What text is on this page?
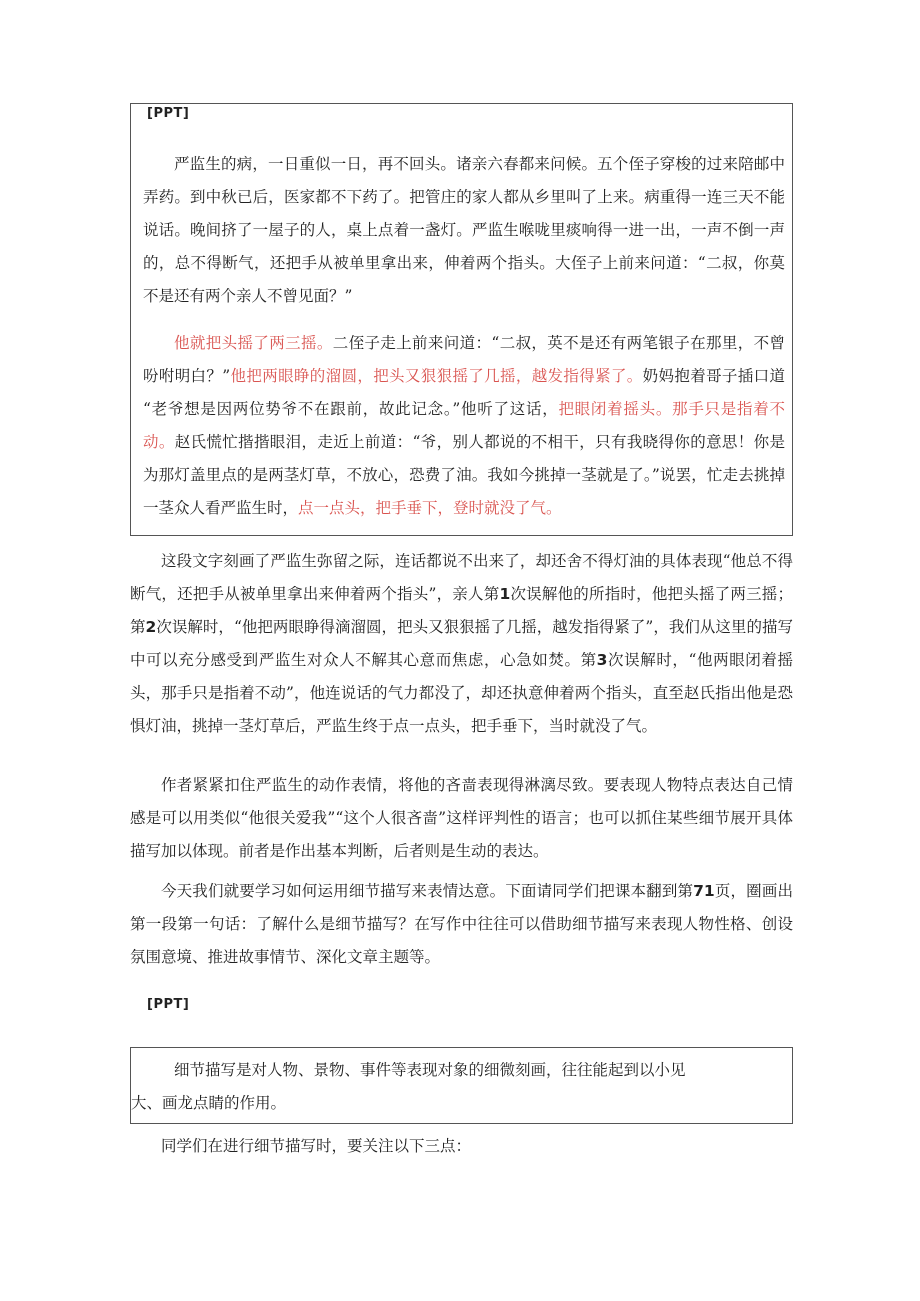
[PPT]

严监生的病，一日重似一日，再不回头。诸亲六春都来问候。五个侄子穿梭的过来陪邮中弄药。到中秋已后，医家都不下药了。把管庄的家人都从乡里叫了上来。病重得一连三天不能说话。晚间挤了一屋子的人，桌上点着一盏灯。严监生喉咙里痰响得一进一出，一声不倒一声的，总不得断气，还把手从被单里拿出来，伸着两个指头。大侄子上前来问道：“二叔，你莫不是还有两个亲人不曾见面？”

他就把头摇了两三摇。二侄子走上前来问道：“二叔，英不是还有两笔银子在那里，不曾吩咐明白？”他把两眼睁的溜圆，把头又狠狠摇了几摇，越发指得紧了。奶妈抱着哥子插口道 “老爷想是因两位势爷不在跟前，故此记念。”他听了这话，把眼闭着摇头。那手只是指着不动。赵氏慌忙揩揩眼泪，走近上前道：“爷，别人都说的不相干，只有我晓得你的意思！你是为那灯盖里点的是两茎灯草，不放心，恐费了油。我如今挑掉一茎就是了。”说罢，忙走去挑掉一茎众人看严监生时，点一点头，把手垂下，登时就没了气。

这段文字刻画了严监生弥留之际，连话都说不出来了，却还舍不得灯油的具体表现“他总不得断气，还把手从被单里拿出来伸着两个指头”，亲人第1次误解他的所指时，他把头摇了两三摇；第2次误解时，“他把两眼睁得滴溜圆，把头又狠狠摇了几摇，越发指得紧了”，我们从这里的描写中可以充分感受到严监生对众人不解其心意而焦虑，心急如焚。第3次误解时，“他两眼闭着摇头，那手只是指着不动”，他连说话的气力都没了，却还执意伸着两个指头，直至赵氏指出他是恐惧灯油，挑掉一茎灯草后，严监生终于点一点头，把手垂下，当时就没了气。

作者紧紧扣住严监生的动作表情，将他的吝啬表现得淋漓尽致。要表现人物特点表达自己情感是可以用类似“他很关爱我”“这个人很吝啬”这样评判性的语言；也可以抓住某些细节展开具体描写加以体现。前者是作出基本判断，后者则是生动的表达。

今天我们就要学习如何运用细节描写来表情达意。下面请同学们把课本翻到第71页，圈画出第一段第一句话：了解什么是细节描写？在写作中往往可以借助细节描写来表现人物性格、创设氛围意境、推进故事情节、深化文章主题等。

[PPT]
细节描写是对人物、景物、事件等表现对象的细微刻画，往往能起到以小见
大、画龙点睛的作用。

同学们在进行细节描写时，要关注以下三点：
